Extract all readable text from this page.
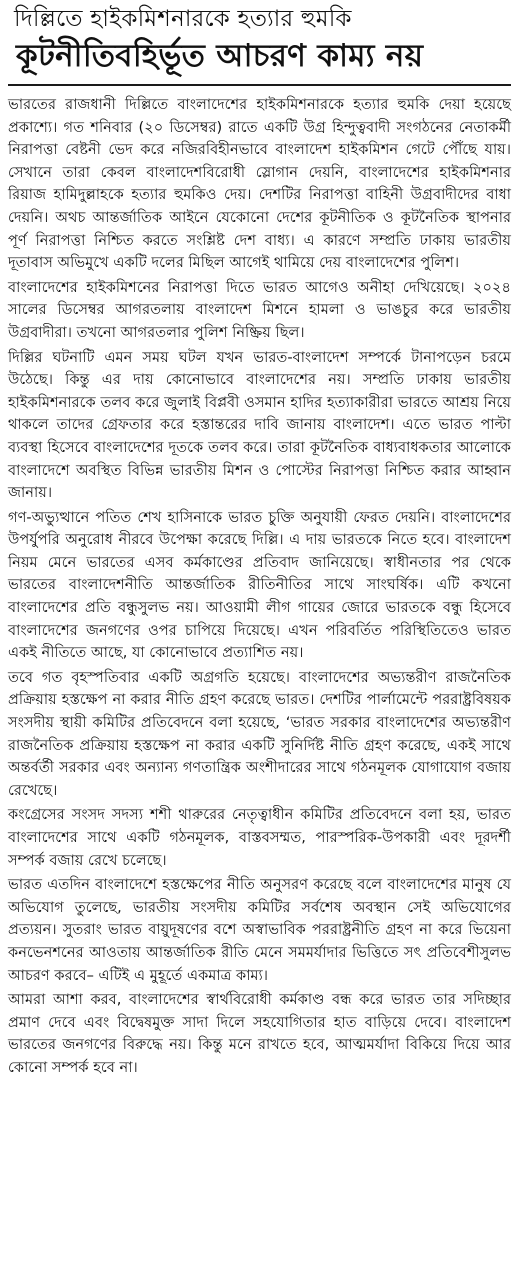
দিল্লিতে হাইকমিশনারকে হত্যার হুমকি
কূটনীতিবহির্ভূত আচরণ কাম্য নয়

ভারতের রাজধানী দিল্লিতে বাংলাদেশের হাইকমিশনারকে হত্যার হুমকি দেয়া হয়েছে প্রকাশ্যে। গত শনিবার (২০ ডিসেম্বর) রাতে একটি উগ্র হিন্দুত্ববাদী সংগঠনের নেতাকর্মী নিরাপত্তা বেষ্টনী ভেদ করে নজিরবিহীনভাবে বাংলাদেশ হাইকমিশন গেটে পৌঁছে যায়। সেখানে তারা কেবল বাংলাদেশবিরোধী স্লোগান দেয়নি, বাংলাদেশের হাইকমিশনার রিয়াজ হামিদুল্লাহকে হত্যার হুমকিও দেয়। দেশটির নিরাপত্তা বাহিনী উগ্রবাদীদের বাধা দেয়নি। অথচ আন্তর্জাতিক আইনে যেকোনো দেশের কূটনীতিক ও কূটনৈতিক স্থাপনার পূর্ণ নিরাপত্তা নিশ্চিত করতে সংশ্লিষ্ট দেশ বাধ্য। এ কারণে সম্প্রতি ঢাকায় ভারতীয় দূতাবাস অভিমুখে একটি দলের মিছিল আগেই থামিয়ে দেয় বাংলাদেশের পুলিশ।

বাংলাদেশের হাইকমিশনের নিরাপত্তা দিতে ভারত আগেও অনীহা দেখিয়েছে। ২০২৪ সালের ডিসেম্বর আগরতলায় বাংলাদেশ মিশনে হামলা ও ভাঙচুর করে ভারতীয় উগ্রবাদীরা। তখনো আগরতলার পুলিশ নিষ্ক্রিয় ছিল।

দিল্লির ঘটনাটি এমন সময় ঘটল যখন ভারত-বাংলাদেশ সম্পর্কে টানাপড়েন চরমে উঠেছে। কিন্তু এর দায় কোনোভাবে বাংলাদেশের নয়। সম্প্রতি ঢাকায় ভারতীয় হাইকমিশনারকে তলব করে জুলাই বিপ্লবী ওসমান হাদির হত্যাকারীরা ভারতে আশ্রয় নিয়ে থাকলে তাদের গ্রেফতার করে হস্তান্তরের দাবি জানায় বাংলাদেশ। এতে ভারত পাল্টা ব্যবস্থা হিসেবে বাংলাদেশের দূতকে তলব করে। তারা কূটনৈতিক বাধ্যবাধকতার আলোকে বাংলাদেশে অবস্থিত বিভিন্ন ভারতীয় মিশন ও পোস্টের নিরাপত্তা নিশ্চিত করার আহ্বান জানায়।

গণ-অভ্যুত্থানে পতিত শেখ হাসিনাকে ভারত চুক্তি অনুযায়ী ফেরত দেয়নি। বাংলাদেশের উপর্যুপরি অনুরোধ নীরবে উপেক্ষা করেছে দিল্লি। এ দায় ভারতকে নিতে হবে। বাংলাদেশ নিয়ম মেনে ভারতের এসব কর্মকাণ্ডের প্রতিবাদ জানিয়েছে। স্বাধীনতার পর থেকে ভারতের বাংলাদেশনীতি আন্তর্জাতিক রীতিনীতির সাথে সাংঘর্ষিক। এটি কখনো বাংলাদেশের প্রতি বন্ধুসুলভ নয়। আওয়ামী লীগ গায়ের জোরে ভারতকে বন্ধু হিসেবে বাংলাদেশের জনগণের ওপর চাপিয়ে দিয়েছে। এখন পরিবর্তিত পরিস্থিতিতেও ভারত একই নীতিতে আছে, যা কোনোভাবে প্রত্যাশিত নয়।

তবে গত বৃহস্পতিবার একটি অগ্রগতি হয়েছে। বাংলাদেশের অভ্যন্তরীণ রাজনৈতিক প্রক্রিয়ায় হস্তক্ষেপ না করার নীতি গ্রহণ করেছে ভারত। দেশটির পার্লামেন্টে পররাষ্ট্রবিষয়ক সংসদীয় স্থায়ী কমিটির প্রতিবেদনে বলা হয়েছে, ‘ভারত সরকার বাংলাদেশের অভ্যন্তরীণ রাজনৈতিক প্রক্রিয়ায় হস্তক্ষেপ না করার একটি সুনির্দিষ্ট নীতি গ্রহণ করেছে, একই সাথে অন্তর্বর্তী সরকার এবং অন্যান্য গণতান্ত্রিক অংশীদারের সাথে গঠনমূলক যোগাযোগ বজায় রেখেছে।

কংগ্রেসের সংসদ সদস্য শশী থারুরের নেতৃত্বাধীন কমিটির প্রতিবেদনে বলা হয়, ভারত বাংলাদেশের সাথে একটি গঠনমূলক, বাস্তবসম্মত, পারস্পরিক-উপকারী এবং দূরদর্শী সম্পর্ক বজায় রেখে চলেছে।

ভারত এতদিন বাংলাদেশে হস্তক্ষেপের নীতি অনুসরণ করেছে বলে বাংলাদেশের মানুষ যে অভিযোগ তুলেছে, ভারতীয় সংসদীয় কমিটির সর্বশেষ অবস্থান সেই অভিযোগের প্রত্যয়ন। সুতরাং ভারত বায়ুদূষণের বশে অস্বাভাবিক পররাষ্ট্রনীতি গ্রহণ না করে ভিয়েনা কনভেনশনের আওতায় আন্তর্জাতিক রীতি মেনে সমমর্যাদার ভিত্তিতে সৎ প্রতিবেশীসুলভ আচরণ করবে– এটিই এ মুহূর্তে একমাত্র কাম্য।

আমরা আশা করব, বাংলাদেশের স্বার্থবিরোধী কর্মকাণ্ড বন্ধ করে ভারত তার সদিচ্ছার প্রমাণ দেবে এবং বিদ্বেষমুক্ত সাদা দিলে সহযোগিতার হাত বাড়িয়ে দেবে। বাংলাদেশ ভারতের জনগণের বিরুদ্ধে নয়। কিন্তু মনে রাখতে হবে, আত্মমর্যাদা বিকিয়ে দিয়ে আর কোনো সম্পর্ক হবে না।
